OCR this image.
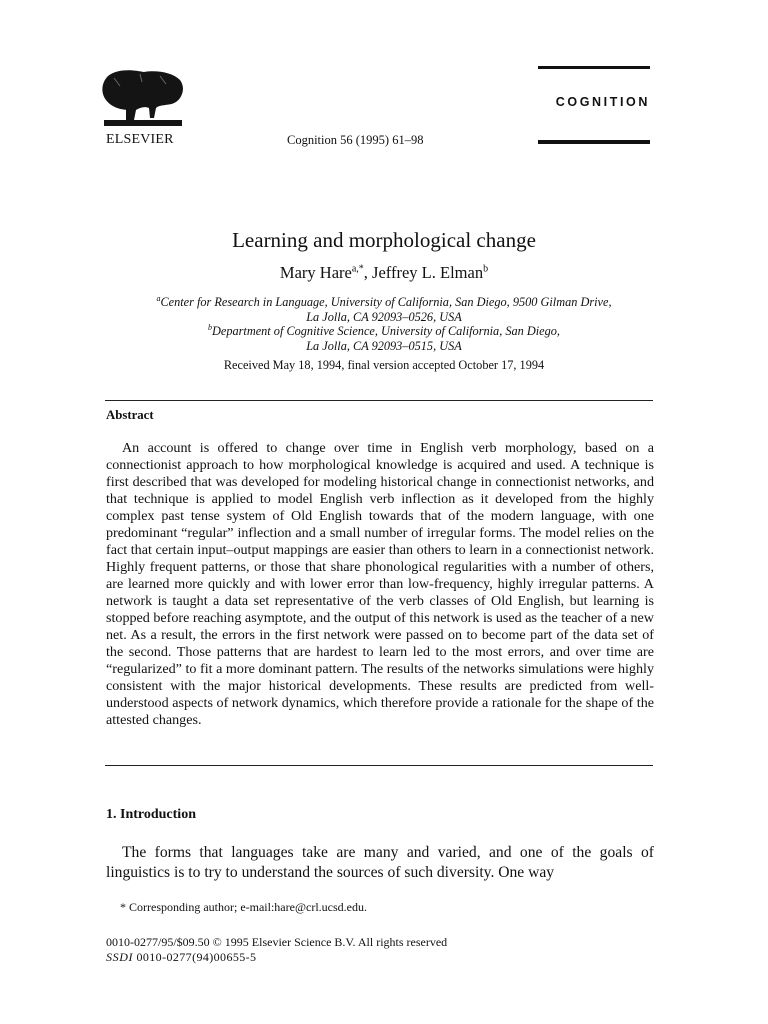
ELSEVIER	Cognition 56 (1995) 61–98
COGNITION
Learning and morphological change
Mary Hare$^{a,*}$, Jeffrey L. Elman$^b$
$^a$Center for Research in Language, University of California, San Diego, 9500 Gilman Drive,
La Jolla, CA 92093–0526, USA
$^b$Department of Cognitive Science, University of California, San Diego,
La Jolla, CA 92093–0515, USA
Received May 18, 1994, final version accepted October 17, 1994
Abstract

An account is offered to change over time in English verb morphology, based on a connectionist approach to how morphological knowledge is acquired and used. A technique is first described that was developed for modeling historical change in connectionist networks, and that technique is applied to model English verb inflection as it developed from the highly complex past tense system of Old English towards that of the modern language, with one predominant “regular” inflection and a small number of irregular forms. The model relies on the fact that certain input–output mappings are easier than others to learn in a connectionist network. Highly frequent patterns, or those that share phonological regularities with a number of others, are learned more quickly and with lower error than low-frequency, highly irregular patterns. A network is taught a data set representative of the verb classes of Old English, but learning is stopped before reaching asymptote, and the output of this network is used as the teacher of a new net. As a result, the errors in the first network were passed on to become part of the data set of the second. Those patterns that are hardest to learn led to the most errors, and over time are “regularized” to fit a more dominant pattern. The results of the networks simulations were highly consistent with the major historical developments. These results are predicted from well-understood aspects of network dynamics, which therefore provide a rationale for the shape of the attested changes.

1. Introduction

The forms that languages take are many and varied, and one of the goals of linguistics is to try to understand the sources of such diversity. One way

* Corresponding author; e-mail:hare@crl.ucsd.edu.
0010-0277/95/$09.50 © 1995 Elsevier Science B.V. All rights reserved
SSDI 0010-0277(94)00655-5
